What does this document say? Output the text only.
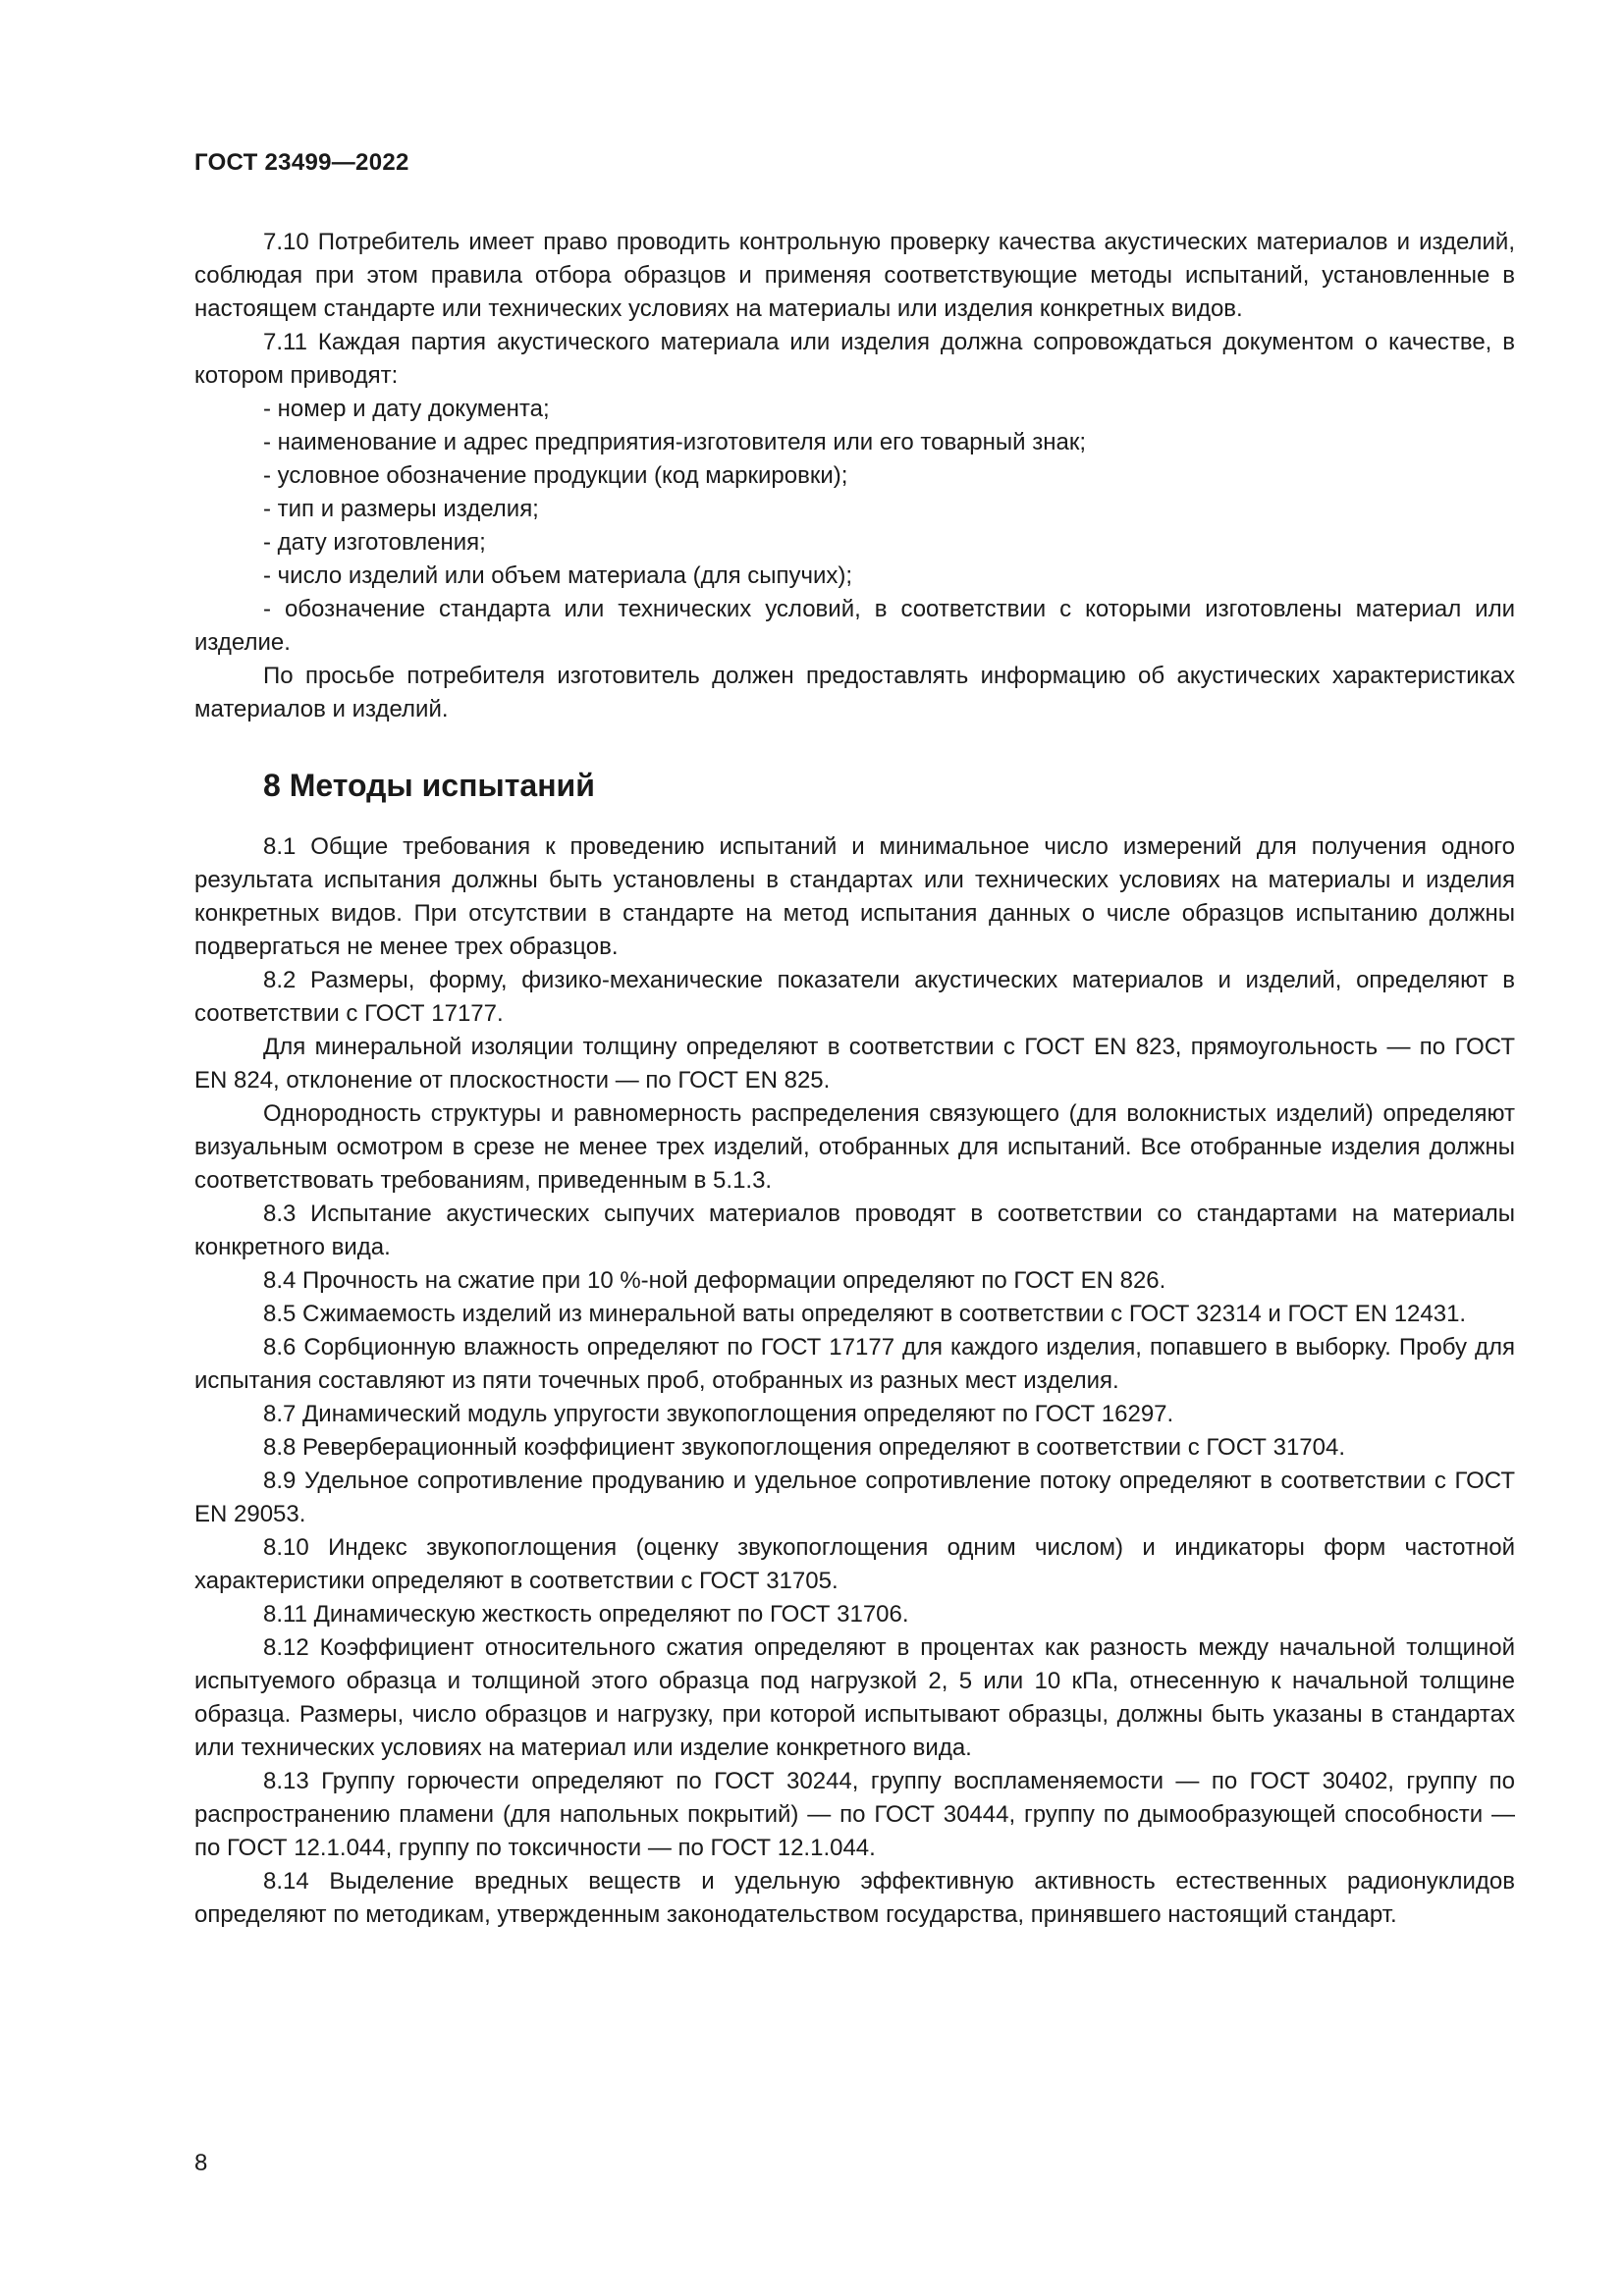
ГОСТ 23499—2022

7.10 Потребитель имеет право проводить контрольную проверку качества акустических материалов и изделий, соблюдая при этом правила отбора образцов и применяя соответствующие методы испытаний, установленные в настоящем стандарте или технических условиях на материалы или изделия конкретных видов.

7.11 Каждая партия акустического материала или изделия должна сопровождаться документом о качестве, в котором приводят:

- номер и дату документа;

- наименование и адрес предприятия-изготовителя или его товарный знак;

- условное обозначение продукции (код маркировки);

- тип и размеры изделия;

- дату изготовления;

- число изделий или объем материала (для сыпучих);

- обозначение стандарта или технических условий, в соответствии с которыми изготовлены материал или изделие.

По просьбе потребителя изготовитель должен предоставлять информацию об акустических характеристиках материалов и изделий.

8 Методы испытаний

8.1 Общие требования к проведению испытаний и минимальное число измерений для получения одного результата испытания должны быть установлены в стандартах или технических условиях на материалы и изделия конкретных видов. При отсутствии в стандарте на метод испытания данных о числе образцов испытанию должны подвергаться не менее трех образцов.

8.2 Размеры, форму, физико-механические показатели акустических материалов и изделий, определяют в соответствии с ГОСТ 17177.

Для минеральной изоляции толщину определяют в соответствии с ГОСТ EN 823, прямоугольность — по ГОСТ EN 824, отклонение от плоскостности — по ГОСТ EN 825.

Однородность структуры и равномерность распределения связующего (для волокнистых изделий) определяют визуальным осмотром в срезе не менее трех изделий, отобранных для испытаний. Все отобранные изделия должны соответствовать требованиям, приведенным в 5.1.3.

8.3 Испытание акустических сыпучих материалов проводят в соответствии со стандартами на материалы конкретного вида.

8.4 Прочность на сжатие при 10 %-ной деформации определяют по ГОСТ EN 826.

8.5 Сжимаемость изделий из минеральной ваты определяют в соответствии с ГОСТ 32314 и ГОСТ EN 12431.

8.6 Сорбционную влажность определяют по ГОСТ 17177 для каждого изделия, попавшего в выборку. Пробу для испытания составляют из пяти точечных проб, отобранных из разных мест изделия.

8.7 Динамический модуль упругости звукопоглощения определяют по ГОСТ 16297.

8.8 Реверберационный коэффициент звукопоглощения определяют в соответствии с ГОСТ 31704.

8.9 Удельное сопротивление продуванию и удельное сопротивление потоку определяют в соответствии с ГОСТ EN 29053.

8.10 Индекс звукопоглощения (оценку звукопоглощения одним числом) и индикаторы форм частотной характеристики определяют в соответствии с ГОСТ 31705.

8.11 Динамическую жесткость определяют по ГОСТ 31706.

8.12 Коэффициент относительного сжатия определяют в процентах как разность между начальной толщиной испытуемого образца и толщиной этого образца под нагрузкой 2, 5 или 10 кПа, отнесенную к начальной толщине образца. Размеры, число образцов и нагрузку, при которой испытывают образцы, должны быть указаны в стандартах или технических условиях на материал или изделие конкретного вида.

8.13 Группу горючести определяют по ГОСТ 30244, группу воспламеняемости — по ГОСТ 30402, группу по распространению пламени (для напольных покрытий) — по ГОСТ 30444, группу по дымообразующей способности — по ГОСТ 12.1.044, группу по токсичности — по ГОСТ 12.1.044.

8.14 Выделение вредных веществ и удельную эффективную активность естественных радионуклидов определяют по методикам, утвержденным законодательством государства, принявшего настоящий стандарт.

8
